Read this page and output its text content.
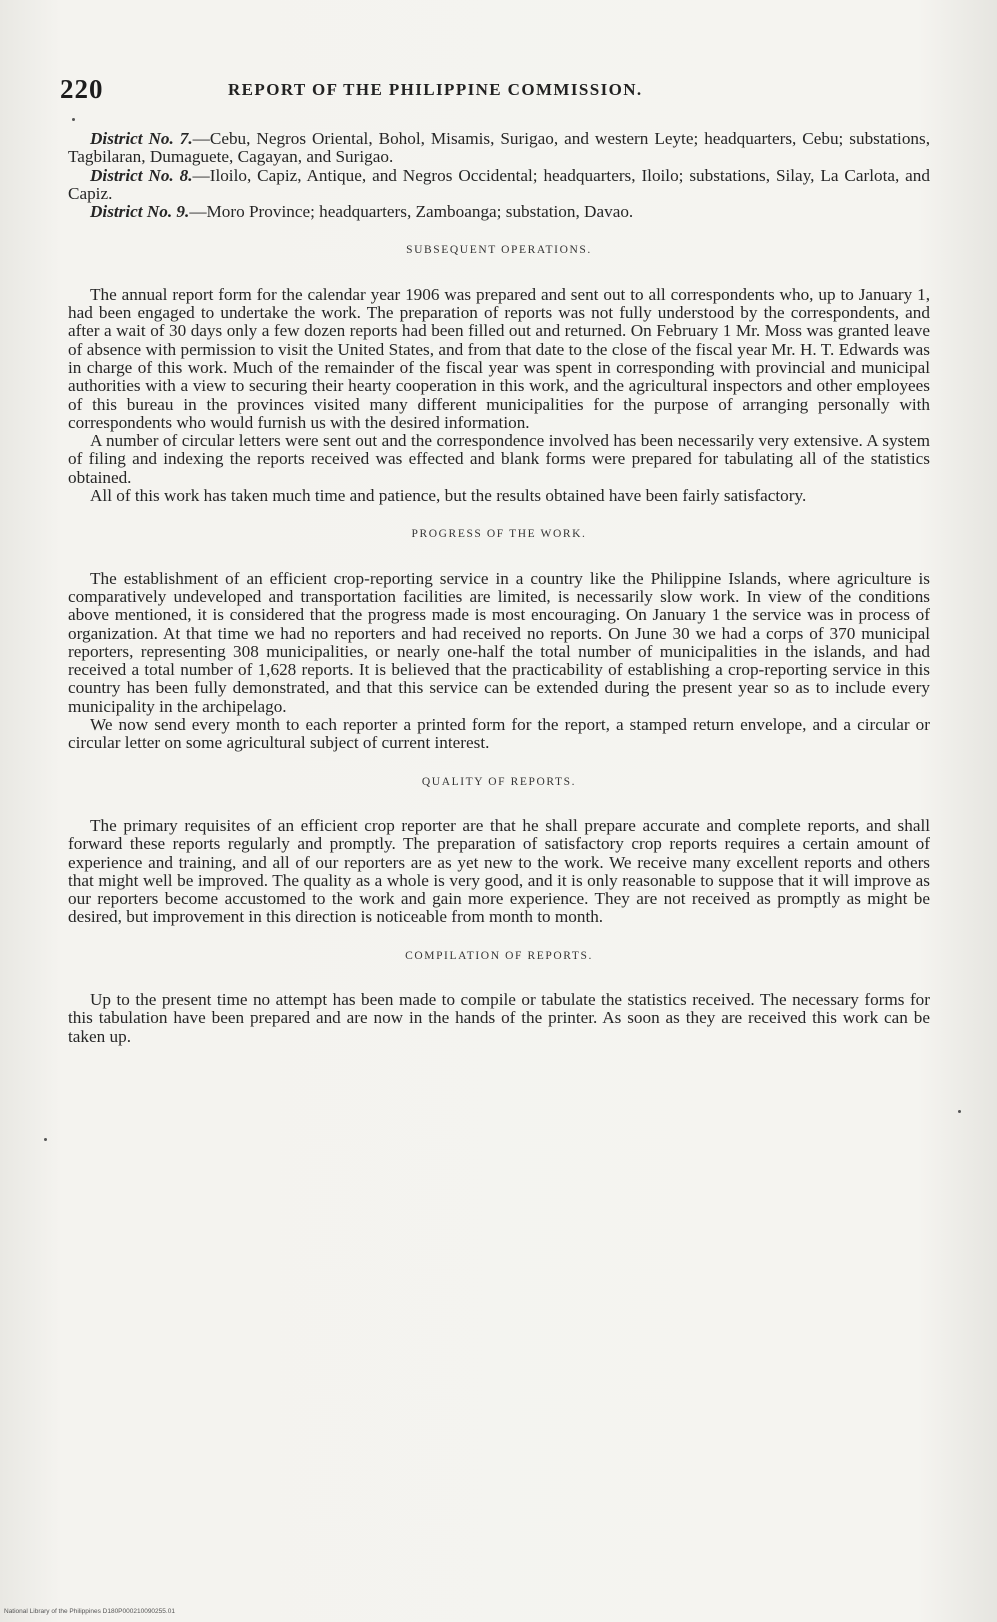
220	REPORT OF THE PHILIPPINE COMMISSION.

District No. 7.—Cebu, Negros Oriental, Bohol, Misamis, Surigao, and western Leyte; headquarters, Cebu; substations, Tagbilaran, Dumaguete, Cagayan, and Surigao.

District No. 8.—Iloilo, Capiz, Antique, and Negros Occidental; headquarters, Iloilo; substations, Silay, La Carlota, and Capiz.

District No. 9.—Moro Province; headquarters, Zamboanga; substation, Davao.

SUBSEQUENT OPERATIONS.

The annual report form for the calendar year 1906 was prepared and sent out to all correspondents who, up to January 1, had been engaged to undertake the work. The preparation of reports was not fully understood by the correspondents, and after a wait of 30 days only a few dozen reports had been filled out and returned. On February 1 Mr. Moss was granted leave of absence with permission to visit the United States, and from that date to the close of the fiscal year Mr. H. T. Edwards was in charge of this work. Much of the remainder of the fiscal year was spent in corresponding with provincial and municipal authorities with a view to securing their hearty cooperation in this work, and the agricultural inspectors and other employees of this bureau in the provinces visited many different municipalities for the purpose of arranging personally with correspondents who would furnish us with the desired information.

A number of circular letters were sent out and the correspondence involved has been necessarily very extensive. A system of filing and indexing the reports received was effected and blank forms were prepared for tabulating all of the statistics obtained.

All of this work has taken much time and patience, but the results obtained have been fairly satisfactory.

PROGRESS OF THE WORK.

The establishment of an efficient crop-reporting service in a country like the Philippine Islands, where agriculture is comparatively undeveloped and transportation facilities are limited, is necessarily slow work. In view of the conditions above mentioned, it is considered that the progress made is most encouraging. On January 1 the service was in process of organization. At that time we had no reporters and had received no reports. On June 30 we had a corps of 370 municipal reporters, representing 308 municipalities, or nearly one-half the total number of municipalities in the islands, and had received a total number of 1,628 reports. It is believed that the practicability of establishing a crop-reporting service in this country has been fully demonstrated, and that this service can be extended during the present year so as to include every municipality in the archipelago.

We now send every month to each reporter a printed form for the report, a stamped return envelope, and a circular or circular letter on some agricultural subject of current interest.

QUALITY OF REPORTS.

The primary requisites of an efficient crop reporter are that he shall prepare accurate and complete reports, and shall forward these reports regularly and promptly. The preparation of satisfactory crop reports requires a certain amount of experience and training, and all of our reporters are as yet new to the work. We receive many excellent reports and others that might well be improved. The quality as a whole is very good, and it is only reasonable to suppose that it will improve as our reporters become accustomed to the work and gain more experience. They are not received as promptly as might be desired, but improvement in this direction is noticeable from month to month.

COMPILATION OF REPORTS.

Up to the present time no attempt has been made to compile or tabulate the statistics received. The necessary forms for this tabulation have been prepared and are now in the hands of the printer. As soon as they are received this work can be taken up.

National Library of the Philippines D180P000210090255.01
